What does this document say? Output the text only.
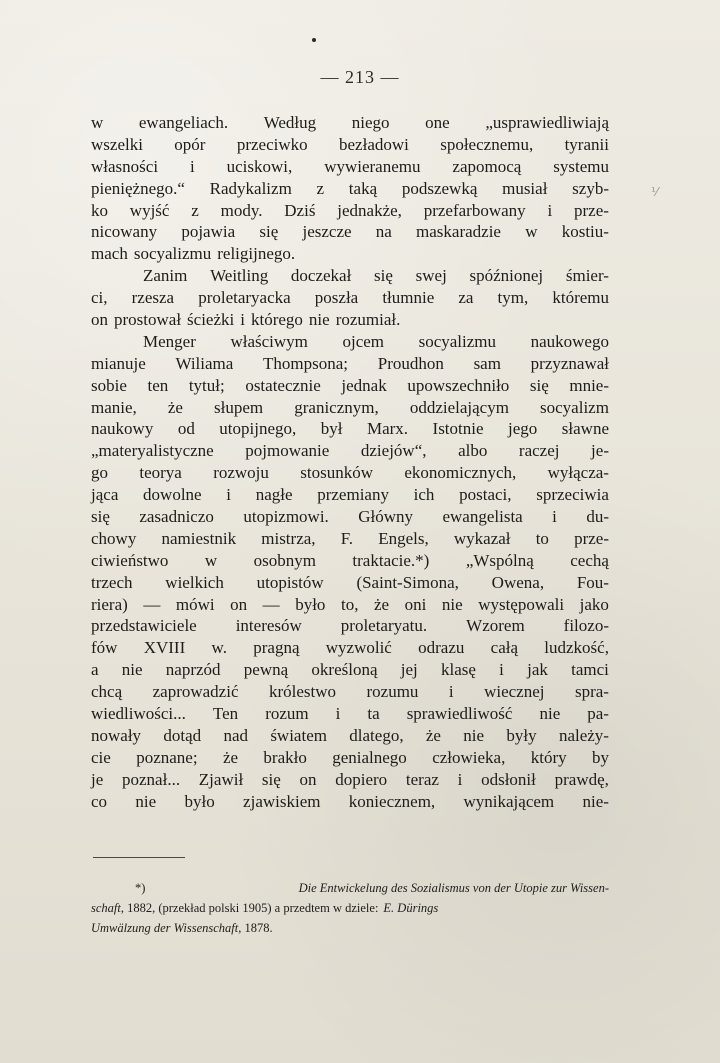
⅟
— 213 —
w ewangeliach. Według niego one „usprawiedliwiają
wszelki opór przeciwko bezładowi społecznemu, tyranii
własności i uciskowi, wywieranemu zapomocą systemu
pieniężnego.“ Radykalizm z taką podszewką musiał szyb-
ko wyjść z mody. Dziś jednakże, przefarbowany i prze-
nicowany pojawia się jeszcze na maskaradzie w kostiu-
mach socyalizmu religijnego.
Zanim Weitling doczekał się swej spóźnionej śmier-
ci, rzesza proletaryacka poszła tłumnie za tym, któremu
on prostował ścieżki i którego nie rozumiał.
Menger właściwym ojcem socyalizmu naukowego
mianuje Wiliama Thompsona; Proudhon sam przyznawał
sobie ten tytuł; ostatecznie jednak upowszechniło się mnie-
manie, że słupem granicznym, oddzielającym socyalizm
naukowy od utopijnego, był Marx. Istotnie jego sławne
„materyalistyczne pojmowanie dziejów“, albo raczej je-
go teorya rozwoju stosunków ekonomicznych, wyłącza-
jąca dowolne i nagłe przemiany ich postaci, sprzeciwia
się zasadniczo utopizmowi. Główny ewangelista i du-
chowy namiestnik mistrza, F. Engels, wykazał to prze-
ciwieństwo w osobnym traktacie.*) „Wspólną cechą
trzech wielkich utopistów (Saint-Simona, Owena, Fou-
riera) — mówi on — było to, że oni nie występowali jako
przedstawiciele interesów proletaryatu. Wzorem filozo-
fów XVIII w. pragną wyzwolić odrazu całą ludzkość,
a nie naprzód pewną określoną jej klasę i jak tamci
chcą zaprowadzić królestwo rozumu i wiecznej spra-
wiedliwości... Ten rozum i ta sprawiedliwość nie pa-
nowały dotąd nad światem dlatego, że nie były należy-
cie poznane; że brakło genialnego człowieka, który by
je poznał... Zjawił się on dopiero teraz i odsłonił prawdę,
co nie było zjawiskiem koniecznem, wynikającem nie-
*)	Die Entwickelung des Sozialismus von der Utopie zur Wissen-
schaft , 1882, (przekład polski 1905) a przedtem w dziele: E. Dürings
Umwälzung der Wissenschaft , 1878.
